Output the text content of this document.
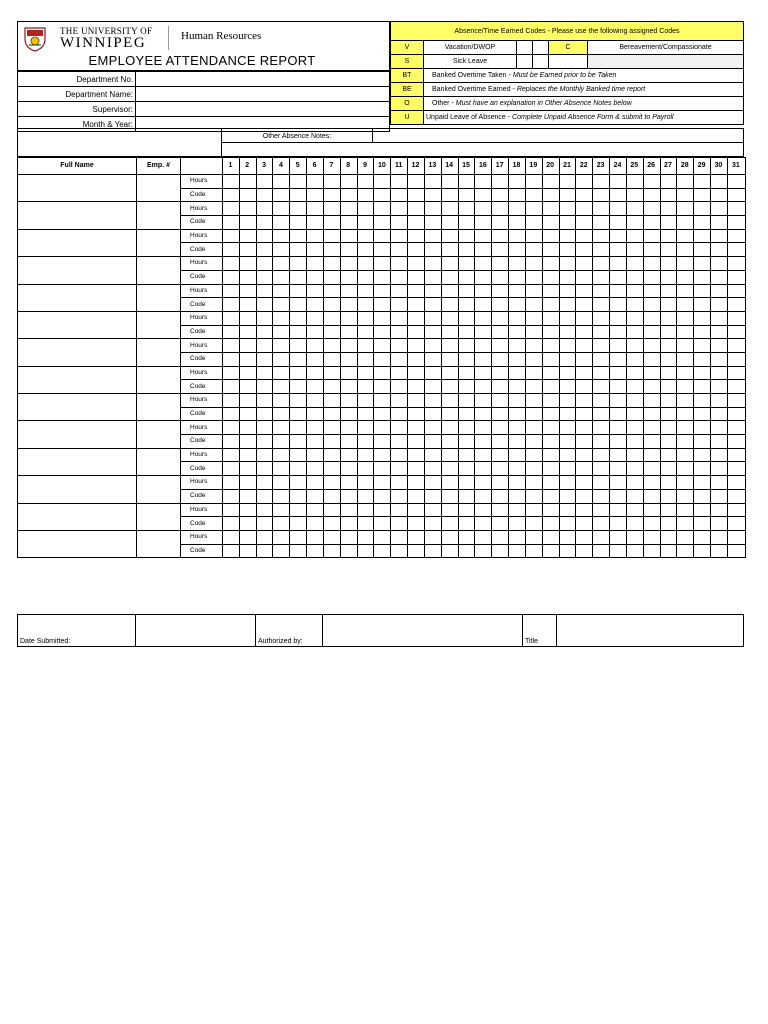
THE UNIVERSITY OF
WINNIPEG	Human Resources
EMPLOYEE ATTENDANCE REPORT
Department No.	
Department Name:	
Supervisor:	
Month & Year:	
Absence/Time Earned Codes - Please use the following assigned Codes					
V	Vacation/DWOP			C	Bereavement/Compassionate
S	Sick Leave				
BT	Banked Overtime Taken - Must be Earned prior to be Taken				
BE	Banked Overtime Earned - Replaces the Monthly Banked time report				
O	Other - Must have an explanation in Other Absence Notes below				
U	Unpaid Leave of Absence - Complete Unpaid Absence Form & submit to Payroll				
Other Absence Notes:
Full Name	Emp. #		1	2	3	4	5	6	7	8	9	10	11	12	13	14	15	16	17	18	19	20	21	22	23	24	25	26	27	28	29	30	31
		Hours																															
		Code																															
		Hours																															
		Code																															
		Hours																															
		Code																															
		Hours																															
		Code																															
		Hours																															
		Code																															
		Hours																															
		Code																															
		Hours																															
		Code																															
		Hours																															
		Code																															
		Hours																															
		Code																															
		Hours																															
		Code																															
		Hours																															
		Code																															
		Hours																															
		Code																															
		Hours																															
		Code																															
		Hours																															
		Code																															
Date Submitted:		Authorized by:		Title	
